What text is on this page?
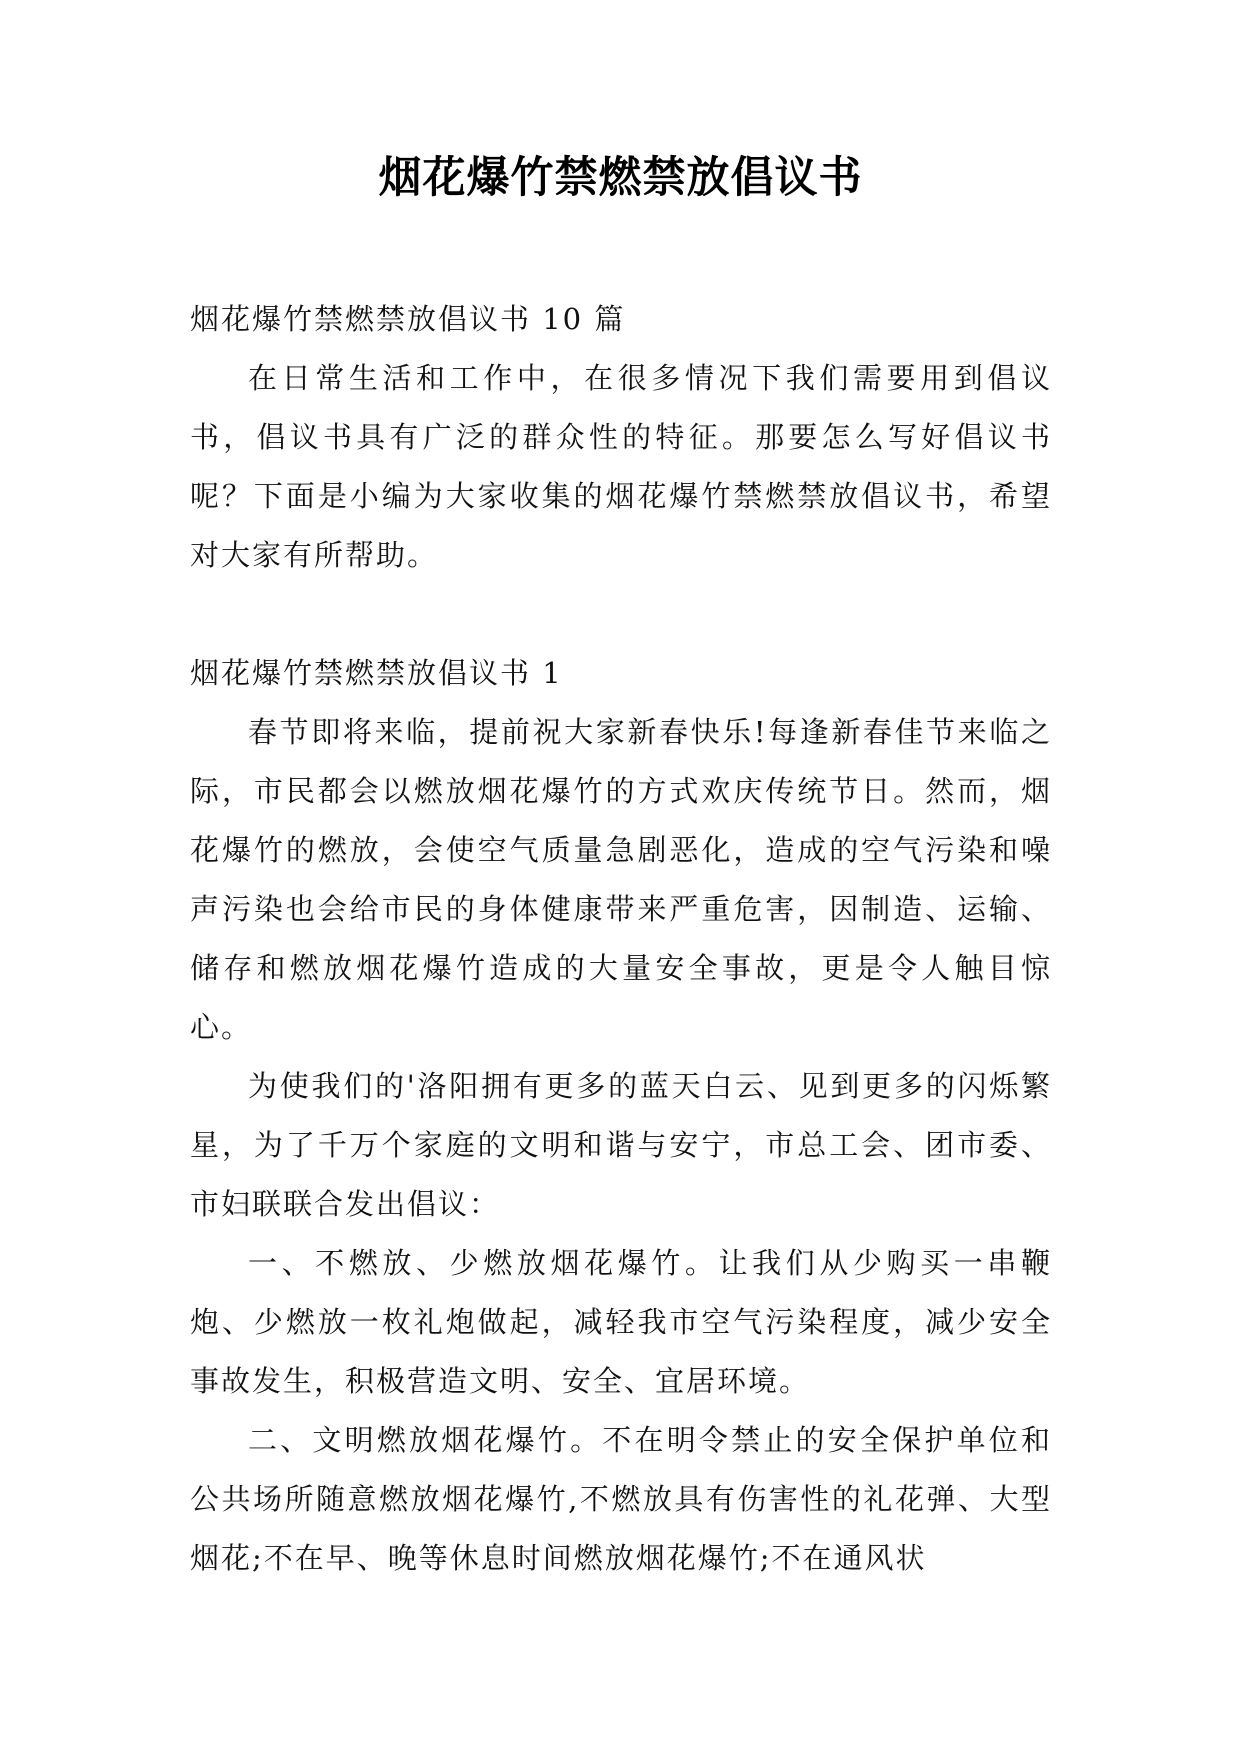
烟花爆竹禁燃禁放倡议书

烟花爆竹禁燃禁放倡议书 10 篇

在日常生活和工作中，在很多情况下我们需要用到倡议书，倡议书具有广泛的群众性的特征。那要怎么写好倡议书呢？下面是小编为大家收集的烟花爆竹禁燃禁放倡议书，希望对大家有所帮助。

烟花爆竹禁燃禁放倡议书 1

春节即将来临，提前祝大家新春快乐!每逢新春佳节来临之际，市民都会以燃放烟花爆竹的方式欢庆传统节日。然而，烟花爆竹的燃放，会使空气质量急剧恶化，造成的空气污染和噪声污染也会给市民的身体健康带来严重危害，因制造、运输、储存和燃放烟花爆竹造成的大量安全事故，更是令人触目惊心。

为使我们的'洛阳拥有更多的蓝天白云、见到更多的闪烁繁星，为了千万个家庭的文明和谐与安宁，市总工会、团市委、市妇联联合发出倡议：

一、不燃放、少燃放烟花爆竹。让我们从少购买一串鞭炮、少燃放一枚礼炮做起，减轻我市空气污染程度，减少安全事故发生，积极营造文明、安全、宜居环境。

二、文明燃放烟花爆竹。不在明令禁止的安全保护单位和公共场所随意燃放烟花爆竹,不燃放具有伤害性的礼花弹、大型烟花;不在早、晚等休息时间燃放烟花爆竹;不在通风状
